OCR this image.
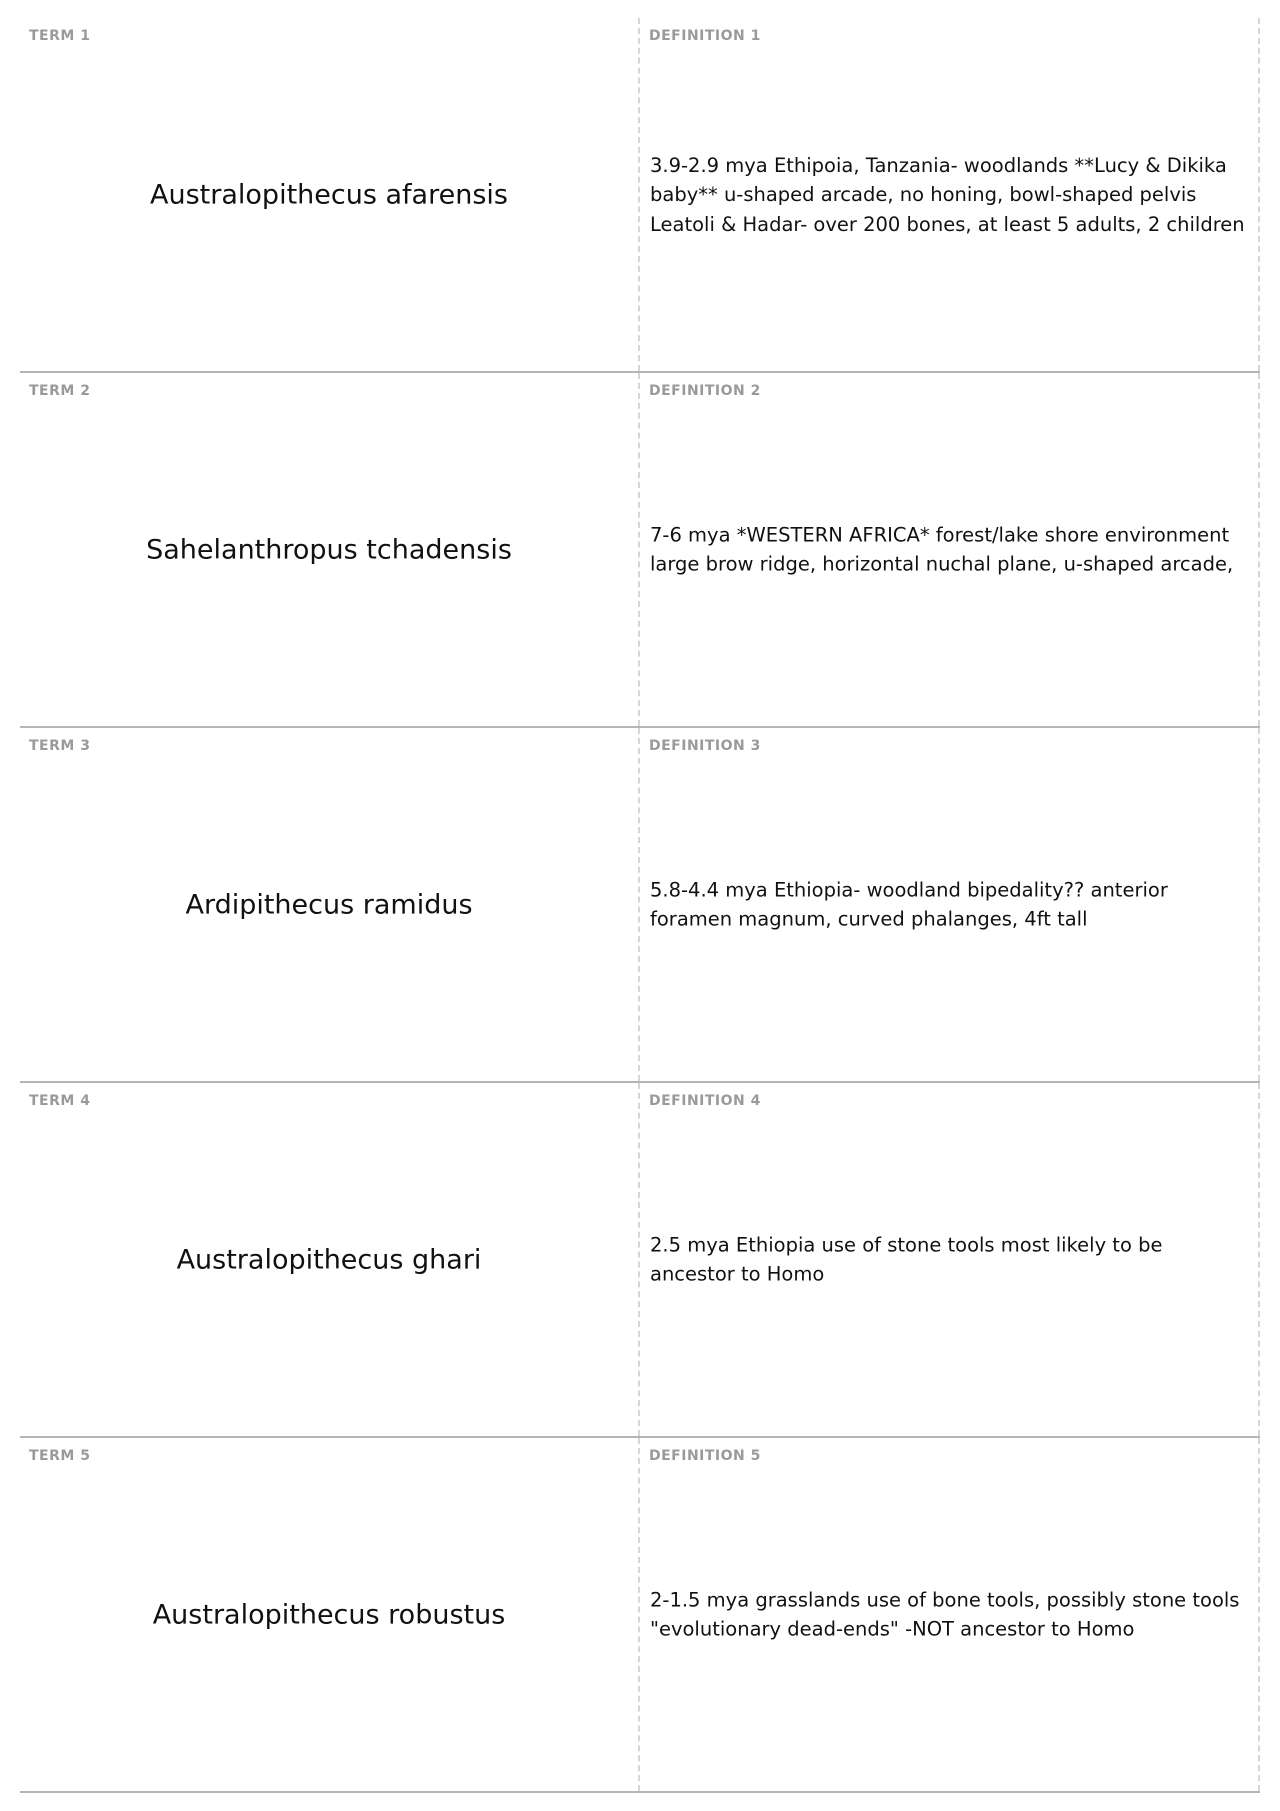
TERM 1
Australopithecus afarensis
DEFINITION 1
3.9-2.9 mya Ethipoia, Tanzania- woodlands **Lucy & Dikika baby** u-shaped arcade, no honing, bowl-shaped pelvis Leatoli & Hadar- over 200 bones, at least 5 adults, 2 children
TERM 2
Sahelanthropus tchadensis
DEFINITION 2
7-6 mya *WESTERN AFRICA* forest/lake shore environment large brow ridge, horizontal nuchal plane, u-shaped arcade,
TERM 3
Ardipithecus ramidus
DEFINITION 3
5.8-4.4 mya Ethiopia- woodland bipedality?? anterior foramen magnum, curved phalanges, 4ft tall
TERM 4
Australopithecus ghari
DEFINITION 4
2.5 mya Ethiopia use of stone tools most likely to be ancestor to Homo
TERM 5
Australopithecus robustus
DEFINITION 5
2-1.5 mya grasslands use of bone tools, possibly stone tools "evolutionary dead-ends" -NOT ancestor to Homo
